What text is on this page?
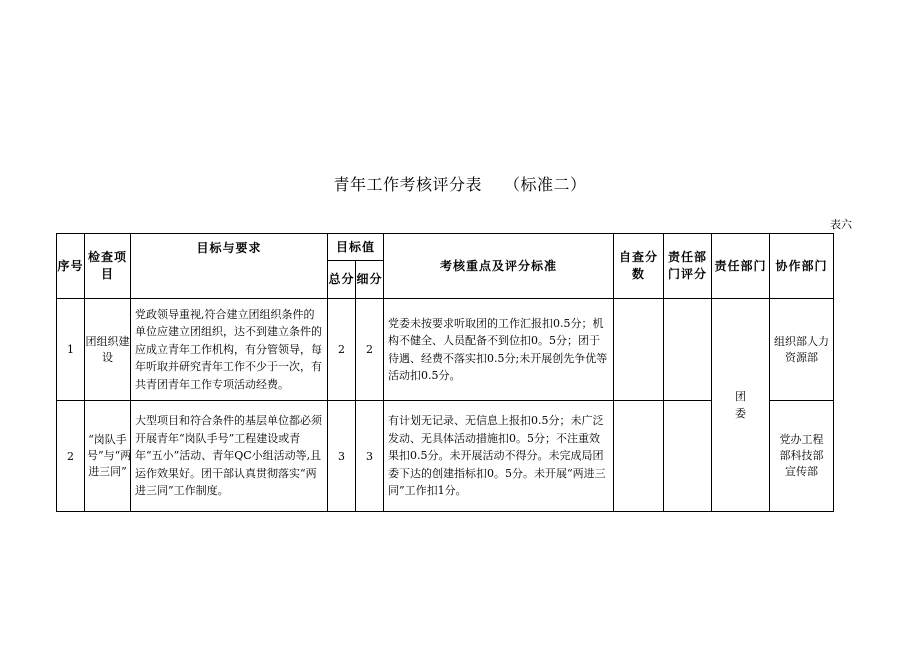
青年工作考核评分表 （标准二）
表六
序号	检查项目	目标与要求	目标值		考核重点及评分标准	自查分数	责任部门评分	责任部门	协作部门
			总分	细分					
1	团组织建设	党政领导重视,符合建立团组织条件的单位应建立团组织，达不到建立条件的应成立青年工作机构，有分管领导，每年听取并研究青年工作不少于一次，有共青团青年工作专项活动经费。	2	2	党委未按要求听取团的工作汇报扣0.5分；机构不健全、人员配备不到位扣0。5分；团于待遇、经费不落实扣0.5分;未开展创先争优等活动扣0.5分。			团委	组织部人力资源部
2	“岗队手号”与“两进三同”	大型项目和符合条件的基层单位都必须开展青年“岗队手号”工程建设或青年“五小”活动、青年QC小组活动等,且运作效果好。团干部认真贯彻落实“两进三同”工作制度。	3	3	有计划无记录、无信息上报扣0.5分；未广泛发动、无具体活动措施扣0。5分；不注重效果扣0.5分。未开展活动不得分。未完成局团委下达的创建指标扣0。5分。未开展“两进三同”工作扣1分。				党办工程部科技部宣传部
